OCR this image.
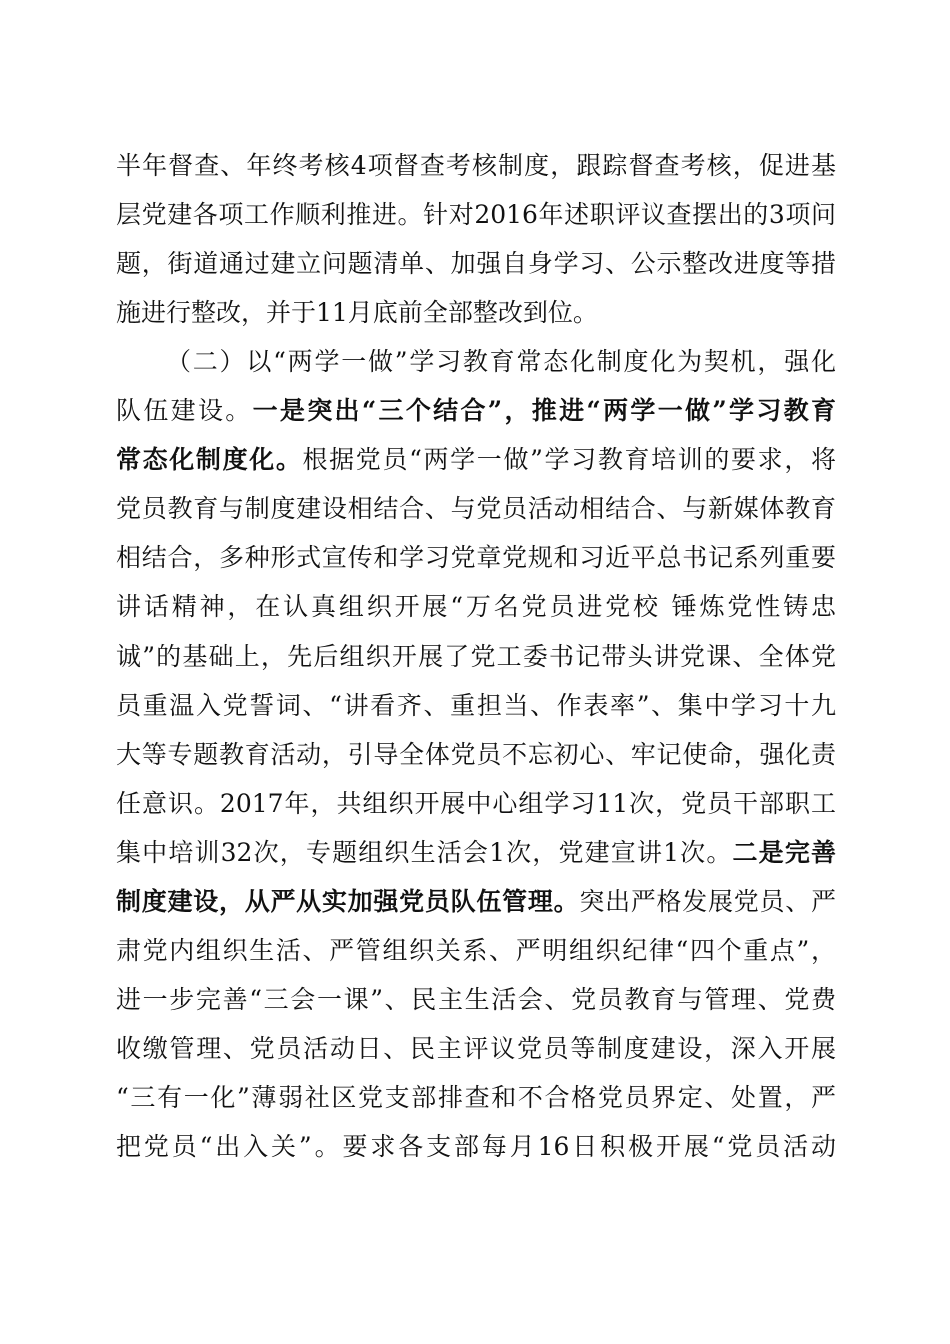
半年督查、年终考核4项督查考核制度，跟踪督查考核，促进基
层党建各项工作顺利推进。针对2016年述职评议查摆出的3项问
题，街道通过建立问题清单、加强自身学习、公示整改进度等措
施进行整改，并于11月底前全部整改到位。
（二）以“两学一做”学习教育常态化制度化为契机，强化
队伍建设。一是突出“三个结合”，推进“两学一做”学习教育
常态化制度化。根据党员“两学一做”学习教育培训的要求，将
党员教育与制度建设相结合、与党员活动相结合、与新媒体教育
相结合，多种形式宣传和学习党章党规和习近平总书记系列重要
讲话精神，在认真组织开展“万名党员进党校 锤炼党性铸忠
诚”的基础上，先后组织开展了党工委书记带头讲党课、全体党
员重温入党誓词、“讲看齐、重担当、作表率”、集中学习十九
大等专题教育活动，引导全体党员不忘初心、牢记使命，强化责
任意识。2017年，共组织开展中心组学习11次，党员干部职工
集中培训32次，专题组织生活会1次，党建宣讲1次。二是完善
制度建设，从严从实加强党员队伍管理。突出严格发展党员、严
肃党内组织生活、严管组织关系、严明组织纪律“四个重点”，
进一步完善“三会一课”、民主生活会、党员教育与管理、党费
收缴管理、党员活动日、民主评议党员等制度建设，深入开展
“三有一化”薄弱社区党支部排查和不合格党员界定、处置，严
把党员“出入关”。要求各支部每月16日积极开展“党员活动
